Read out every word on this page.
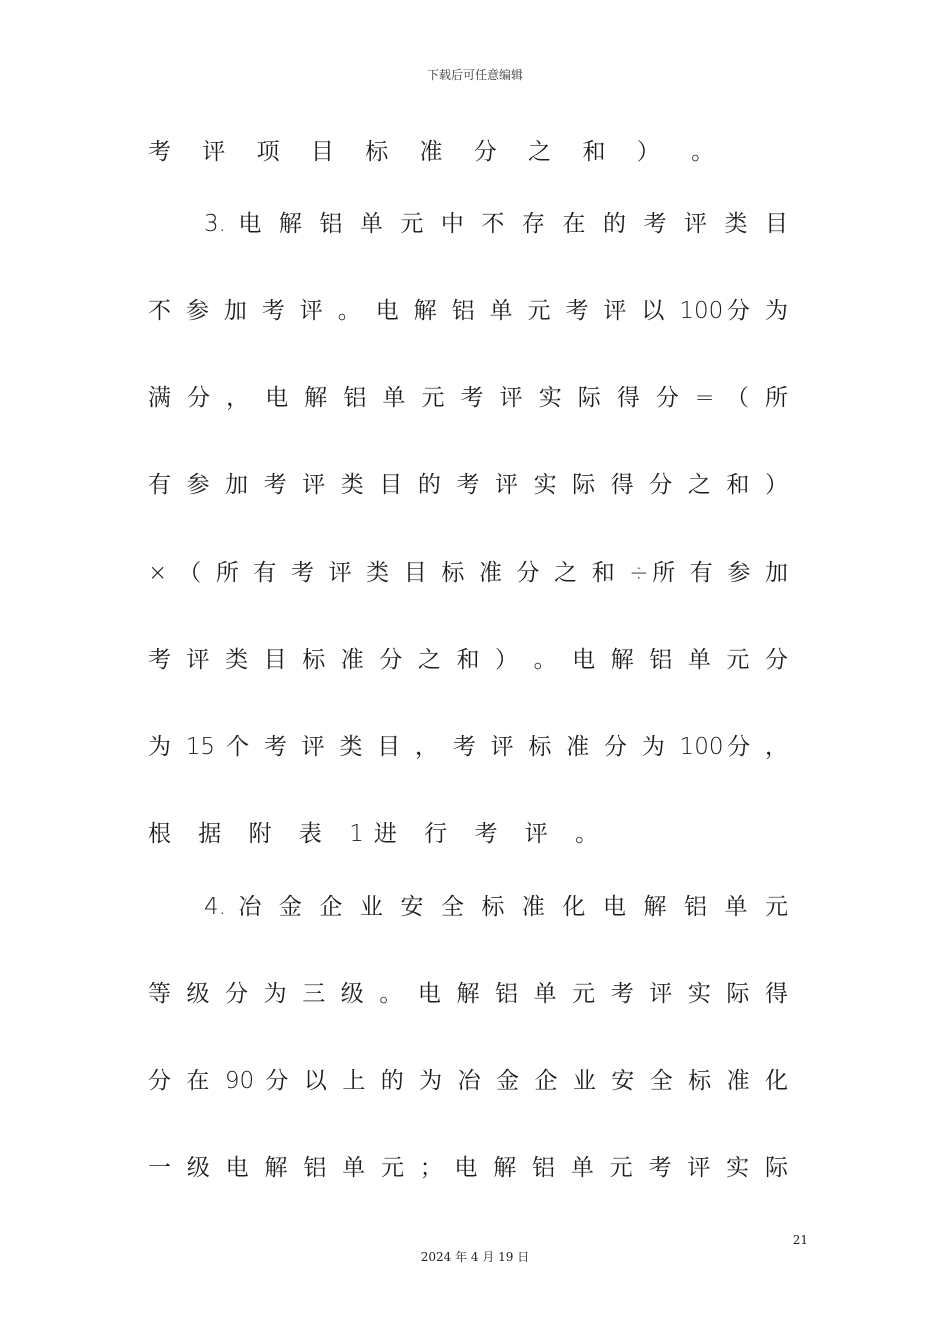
下载后可任意编辑
考 评 项 目 标 准 分 之 和 ） 。
3. 电 解 铝 单 元 中 不 存 在 的 考 评 类 目
不 参 加 考 评 。 电 解 铝 单 元 考 评 以 100分 为
满 分 ， 电 解 铝 单 元 考 评 实 际 得 分 = （ 所
有 参 加 考 评 类 目 的 考 评 实 际 得 分 之 和 ）
× （ 所 有 考 评 类 目 标 准 分 之 和 ÷所 有 参 加
考 评 类 目 标 准 分 之 和 ） 。 电 解 铝 单 元 分
为 15 个 考 评 类 目 ， 考 评 标 准 分 为 100分 ，
根 据 附 表 1进 行 考 评 。
4. 冶 金 企 业 安 全 标 准 化 电 解 铝 单 元
等 级 分 为 三 级 。 电 解 铝 单 元 考 评 实 际 得
分 在 90 分 以 上 的 为 冶 金 企 业 安 全 标 准 化
一 级 电 解 铝 单 元 ； 电 解 铝 单 元 考 评 实 际
21
2024 年 4 月 19 日
